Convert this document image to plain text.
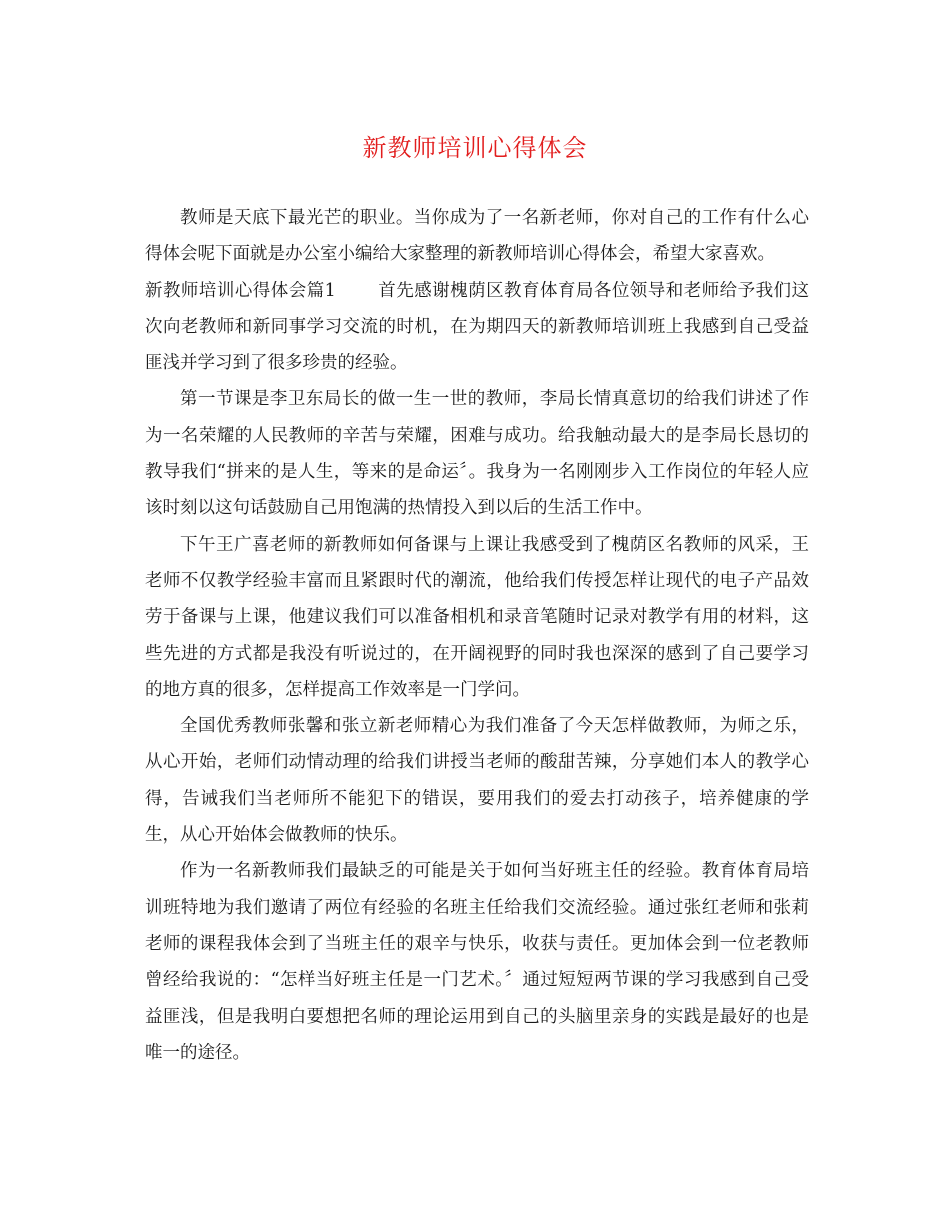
新教师培训心得体会

教师是天底下最光芒的职业。当你成为了一名新老师，你对自己的工作有什么心得体会呢下面就是办公室小编给大家整理的新教师培训心得体会，希望大家喜欢。

新教师培训心得体会篇1 首先感谢槐荫区教育体育局各位领导和老师给予我们这次向老教师和新同事学习交流的时机，在为期四天的新教师培训班上我感到自己受益匪浅并学习到了很多珍贵的经验。

第一节课是李卫东局长的做一生一世的教师，李局长情真意切的给我们讲述了作为一名荣耀的人民教师的辛苦与荣耀，困难与成功。给我触动最大的是李局长恳切的教导我们“拼来的是人生，等来的是命运〞。我身为一名刚刚步入工作岗位的年轻人应该时刻以这句话鼓励自己用饱满的热情投入到以后的生活工作中。

下午王广喜老师的新教师如何备课与上课让我感受到了槐荫区名教师的风采，王老师不仅教学经验丰富而且紧跟时代的潮流，他给我们传授怎样让现代的电子产品效劳于备课与上课，他建议我们可以准备相机和录音笔随时记录对教学有用的材料，这些先进的方式都是我没有听说过的，在开阔视野的同时我也深深的感到了自己要学习的地方真的很多，怎样提高工作效率是一门学问。

全国优秀教师张馨和张立新老师精心为我们准备了今天怎样做教师，为师之乐，从心开始，老师们动情动理的给我们讲授当老师的酸甜苦辣，分享她们本人的教学心得，告诫我们当老师所不能犯下的错误，要用我们的爱去打动孩子，培养健康的学生，从心开始体会做教师的快乐。

作为一名新教师我们最缺乏的可能是关于如何当好班主任的经验。教育体育局培训班特地为我们邀请了两位有经验的名班主任给我们交流经验。通过张红老师和张莉老师的课程我体会到了当班主任的艰辛与快乐，收获与责任。更加体会到一位老教师曾经给我说的：“怎样当好班主任是一门艺术。〞通过短短两节课的学习我感到自己受益匪浅，但是我明白要想把名师的理论运用到自己的头脑里亲身的实践是最好的也是唯一的途径。
